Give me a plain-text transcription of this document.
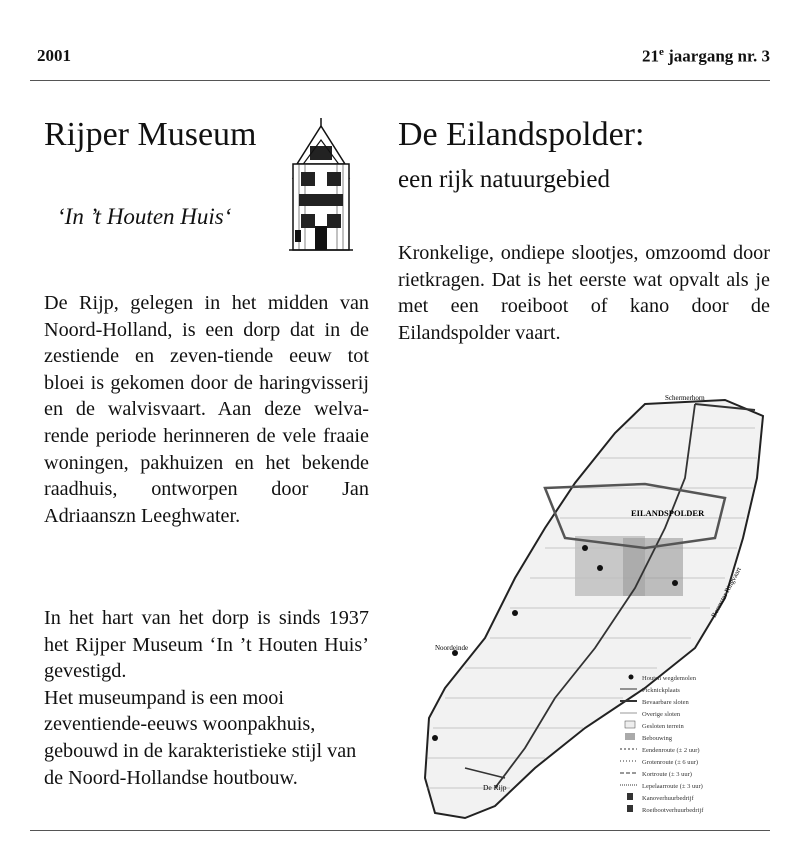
2001	21e jaargang nr. 3
Rijper Museum
‘In ’t Houten Huis‘
De Rijp, gelegen in het midden van Noord-Holland, is een dorp dat in de zestiende en zeven-tiende eeuw tot bloei is gekomen door de haringvisserij en de walvisvaart. Aan deze welva-rende periode herinneren de vele fraaie woningen, pakhuizen en het bekende raadhuis, ontworpen door Jan Adriaanszn Leeghwater.
In het hart van het dorp is sinds 1937 het Rijper Museum ‘In ’t Houten Huis’ gevestigd.
Het museumpand is een mooi zeventiende-eeuws woonpakhuis, gebouwd in de karakteristieke stijl van de Noord-Hollandse houtbouw.
De Eilandspolder:
een rijk natuurgebied
Kronkelige, ondiepe slootjes, omzoomd door rietkragen. Dat is het eerste wat opvalt als je met een roeiboot of kano door de Eilandspolder vaart.
EILANDSPOLDER
De Rijp
Noordeinde
Schermerhorn
Beemster Ringvaart
Houten wegdemolen
Picknickplaats
Bevaarbare sloten
Overige sloten
Gesloten terrein
Bebouwing
Eendenroute (± 2 uur)
Grotenroute (± 6 uur)
Kortroute (± 3 uur)
Lepelaarroute (± 3 uur)
Kanoverhuurbedrijf
Roeibootverhuurbedrijf
